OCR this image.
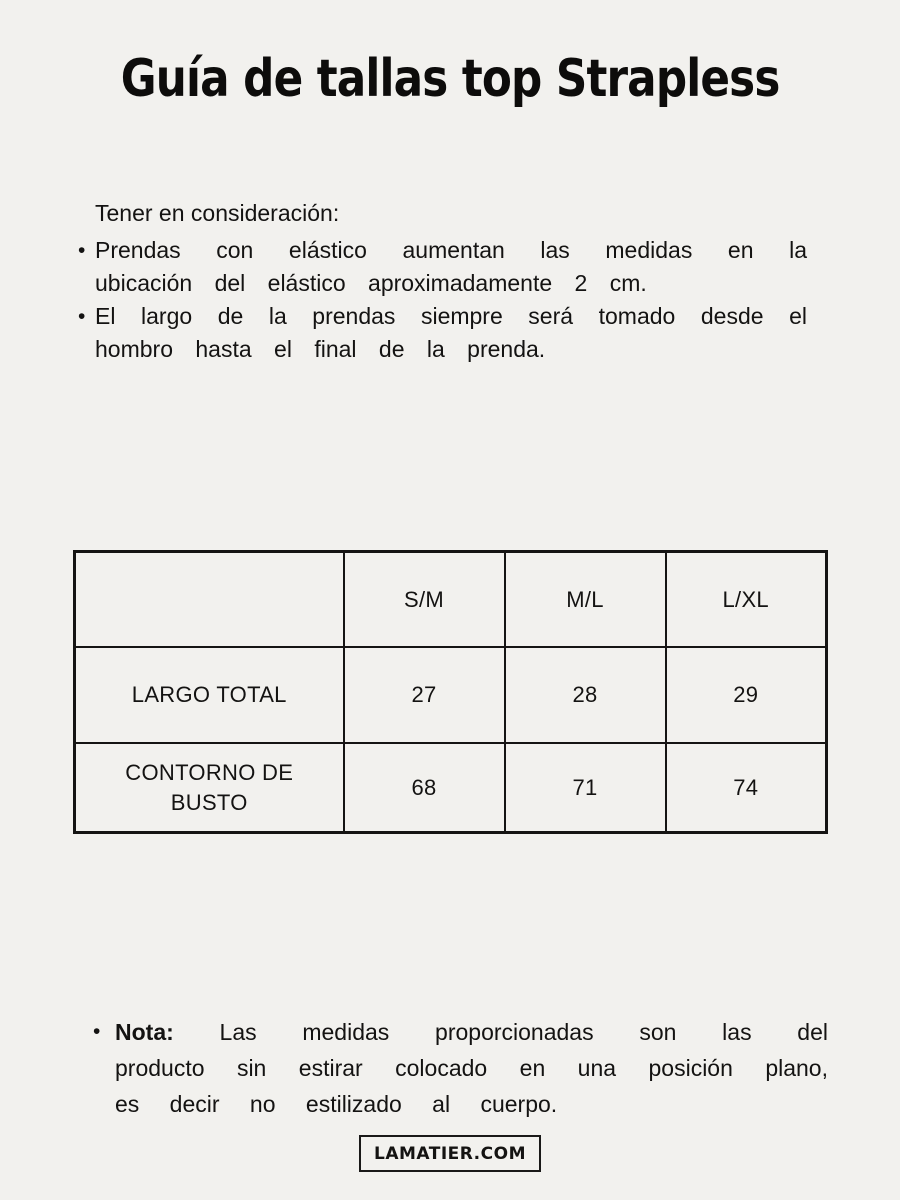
Guía de tallas top Strapless

Tener en consideración:

• Prendas con elástico aumentan las medidas en la ubicación del elástico aproximadamente 2 cm.
• El largo de la prendas siempre será tomado desde el hombro hasta el final de la prenda.
	S/M	M/L	L/XL
LARGO TOTAL	27	28	29
CONTORNO DE BUSTO	68	71	74
• Nota: Las medidas proporcionadas son las del producto sin estirar colocado en una posición plano, es decir no estilizado al cuerpo.
LAMATIER.COM
